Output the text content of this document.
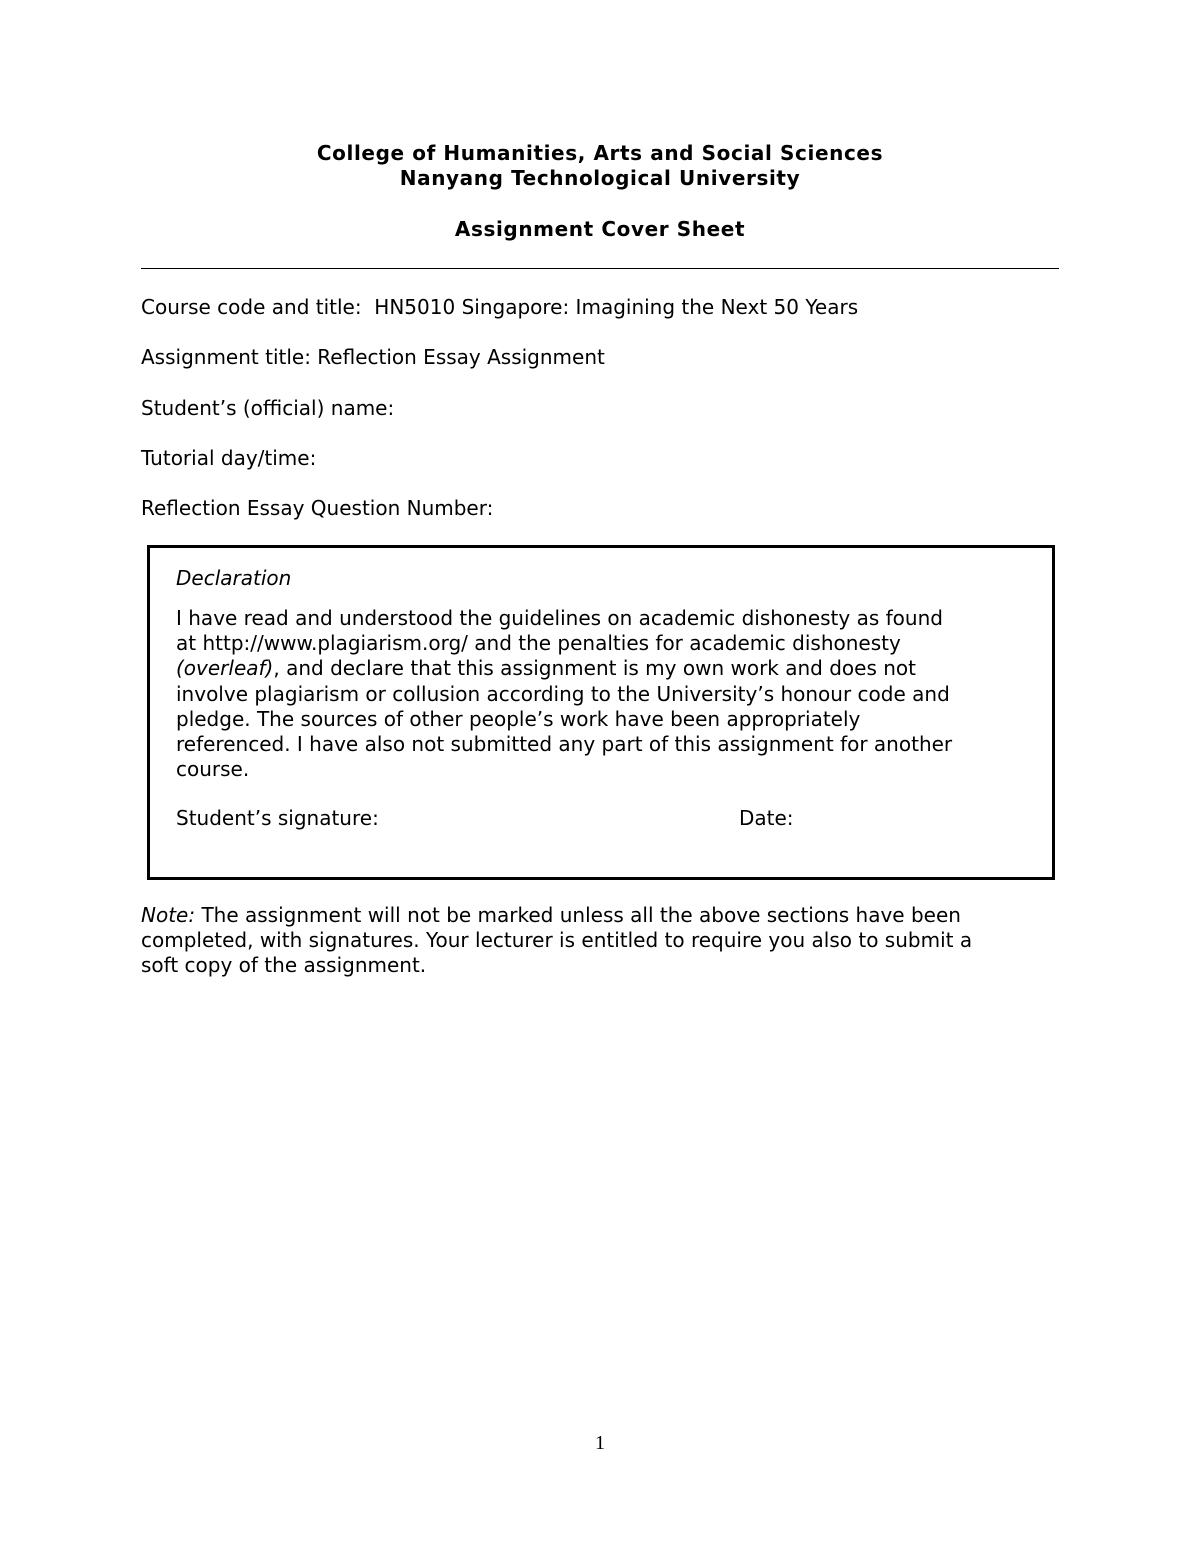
College of Humanities, Arts and Social Sciences
Nanyang Technological University
Assignment Cover Sheet
Course code and title:  HN5010 Singapore: Imagining the Next 50 Years
Assignment title: Reflection Essay Assignment
Student’s (official) name:
Tutorial day/time:
Reflection Essay Question Number:
Declaration
I have read and understood the guidelines on academic dishonesty as found
at http://www.plagiarism.org/ and the penalties for academic dishonesty
(overleaf), and declare that this assignment is my own work and does not
involve plagiarism or collusion according to the University’s honour code and
pledge. The sources of other people’s work have been appropriately
referenced. I have also not submitted any part of this assignment for another
course.
Student’s signature:	Date:
Note: The assignment will not be marked unless all the above sections have been
completed, with signatures. Your lecturer is entitled to require you also to submit a
soft copy of the assignment.
1
